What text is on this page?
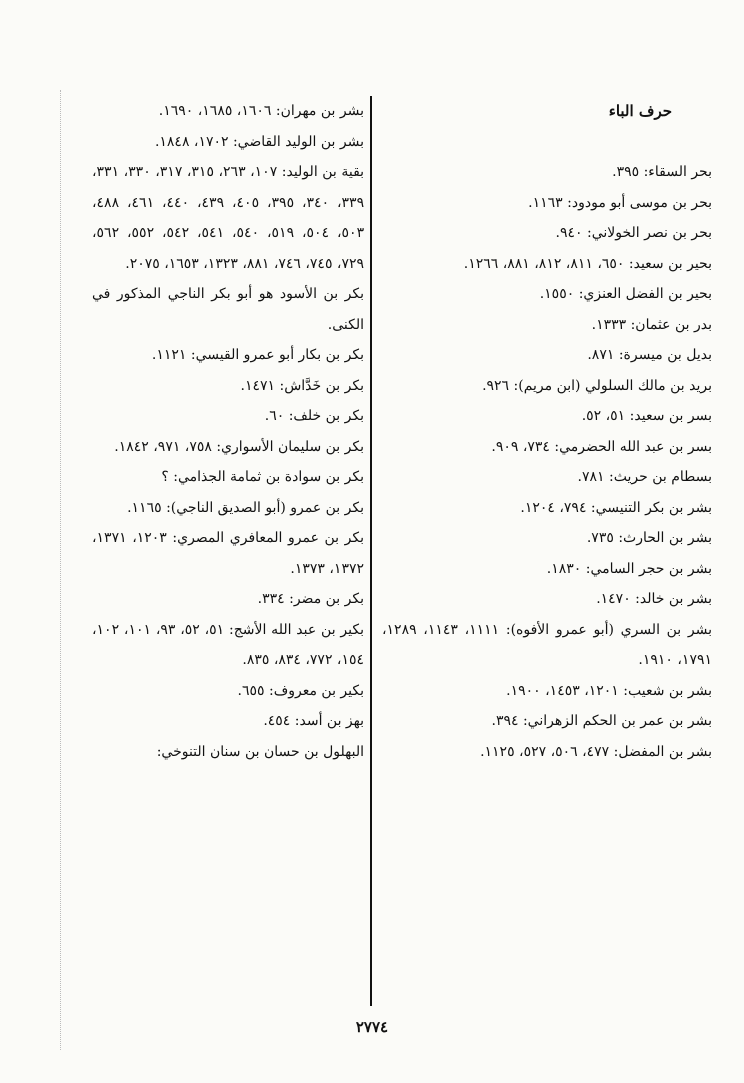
حرف الباء

بحر السقاء: ٣٩٥.

بحر بن موسى أبو مودود: ١١٦٣.

بحر بن نصر الخولاني: ٩٤٠.

بحير بن سعيد: ٦٥٠، ٨١١، ٨١٢، ٨٨١، ١٢٦٦.

بحير بن الفضل العنزي: ١٥٥٠.

بدر بن عثمان: ١٣٣٣.

بديل بن ميسرة: ٨٧١.

بريد بن مالك السلولي (ابن مريم): ٩٢٦.

بسر بن سعيد: ٥١، ٥٢.

بسر بن عبد الله الحضرمي: ٧٣٤، ٩٠٩.

بسطام بن حريث: ٧٨١.

بشر بن بكر التنيسي: ٧٩٤، ١٢٠٤.

بشر بن الحارث: ٧٣٥.

بشر بن حجر السامي: ١٨٣٠.

بشر بن خالد: ١٤٧٠.

بشر بن السري (أبو عمرو الأفوه): ١١١١، ١١٤٣، ١٢٨٩، ١٧٩١، ١٩١٠.

بشر بن شعيب: ١٢٠١، ١٤٥٣، ١٩٠٠.

بشر بن عمر بن الحكم الزهراني: ٣٩٤.

بشر بن المفضل: ٤٧٧، ٥٠٦، ٥٢٧، ١١٢٥.

بشر بن مهران: ١٦٠٦، ١٦٨٥، ١٦٩٠.

بشر بن الوليد القاضي: ١٧٠٢، ١٨٤٨.

بقية بن الوليد: ١٠٧، ٢٦٣، ٣١٥، ٣١٧، ٣٣٠، ٣٣١، ٣٣٩، ٣٤٠، ٣٩٥، ٤٠٥، ٤٣٩، ٤٤٠، ٤٦١، ٤٨٨، ٥٠٣، ٥٠٤، ٥١٩، ٥٤٠، ٥٤١، ٥٤٢، ٥٥٢، ٥٦٢، ٧٢٩، ٧٤٥، ٧٤٦، ٨٨١، ١٣٢٣، ١٦٥٣، ٢٠٧٥.

بكر بن الأسود هو أبو بكر الناجي المذكور في الكنى.

بكر بن بكار أبو عمرو القيسي: ١١٢١.

بكر بن خَدَّاش: ١٤٧١.

بكر بن خلف: ٦٠.

بكر بن سليمان الأسواري: ٧٥٨، ٩٧١، ١٨٤٢.

بكر بن سوادة بن ثمامة الجذامي: ؟

بكر بن عمرو (أبو الصديق الناجي): ١١٦٥.

بكر بن عمرو المعافري المصري: ١٢٠٣، ١٣٧١، ١٣٧٢، ١٣٧٣.

بكر بن مضر: ٣٣٤.

بكير بن عبد الله الأشج: ٥١، ٥٢، ٩٣، ١٠١، ١٠٢، ١٥٤، ٧٧٢، ٨٣٤، ٨٣٥.

بكير بن معروف: ٦٥٥.

بهز بن أسد: ٤٥٤.

البهلول بن حسان بن سنان التنوخي:

٢٧٧٤
